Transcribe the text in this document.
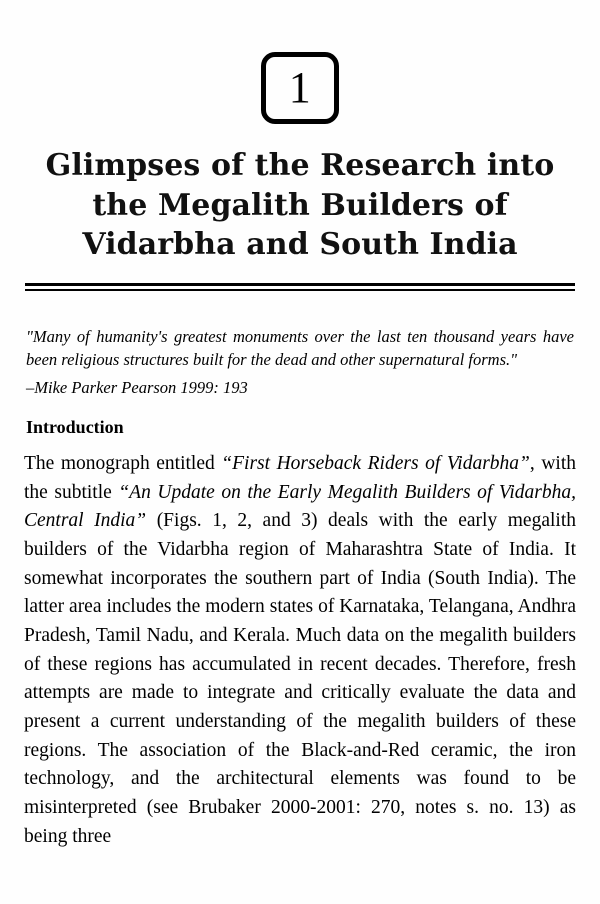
1
Glimpses of the Research into the Megalith Builders of Vidarbha and South India
"Many of humanity's greatest monuments over the last ten thousand years have been religious structures built for the dead and other supernatural forms."
–Mike Parker Pearson 1999: 193
Introduction

The monograph entitled “First Horseback Riders of Vidarbha”, with the subtitle “An Update on the Early Megalith Builders of Vidarbha, Central India” (Figs. 1, 2, and 3) deals with the early megalith builders of the Vidarbha region of Maharashtra State of India. It somewhat incorporates the southern part of India (South India). The latter area includes the modern states of Karnataka, Telangana, Andhra Pradesh, Tamil Nadu, and Kerala. Much data on the megalith builders of these regions has accumulated in recent decades. Therefore, fresh attempts are made to integrate and critically evaluate the data and present a current understanding of the megalith builders of these regions. The association of the Black-and-Red ceramic, the iron technology, and the architectural elements was found to be misinterpreted (see Brubaker 2000-2001: 270, notes s. no. 13) as being three
